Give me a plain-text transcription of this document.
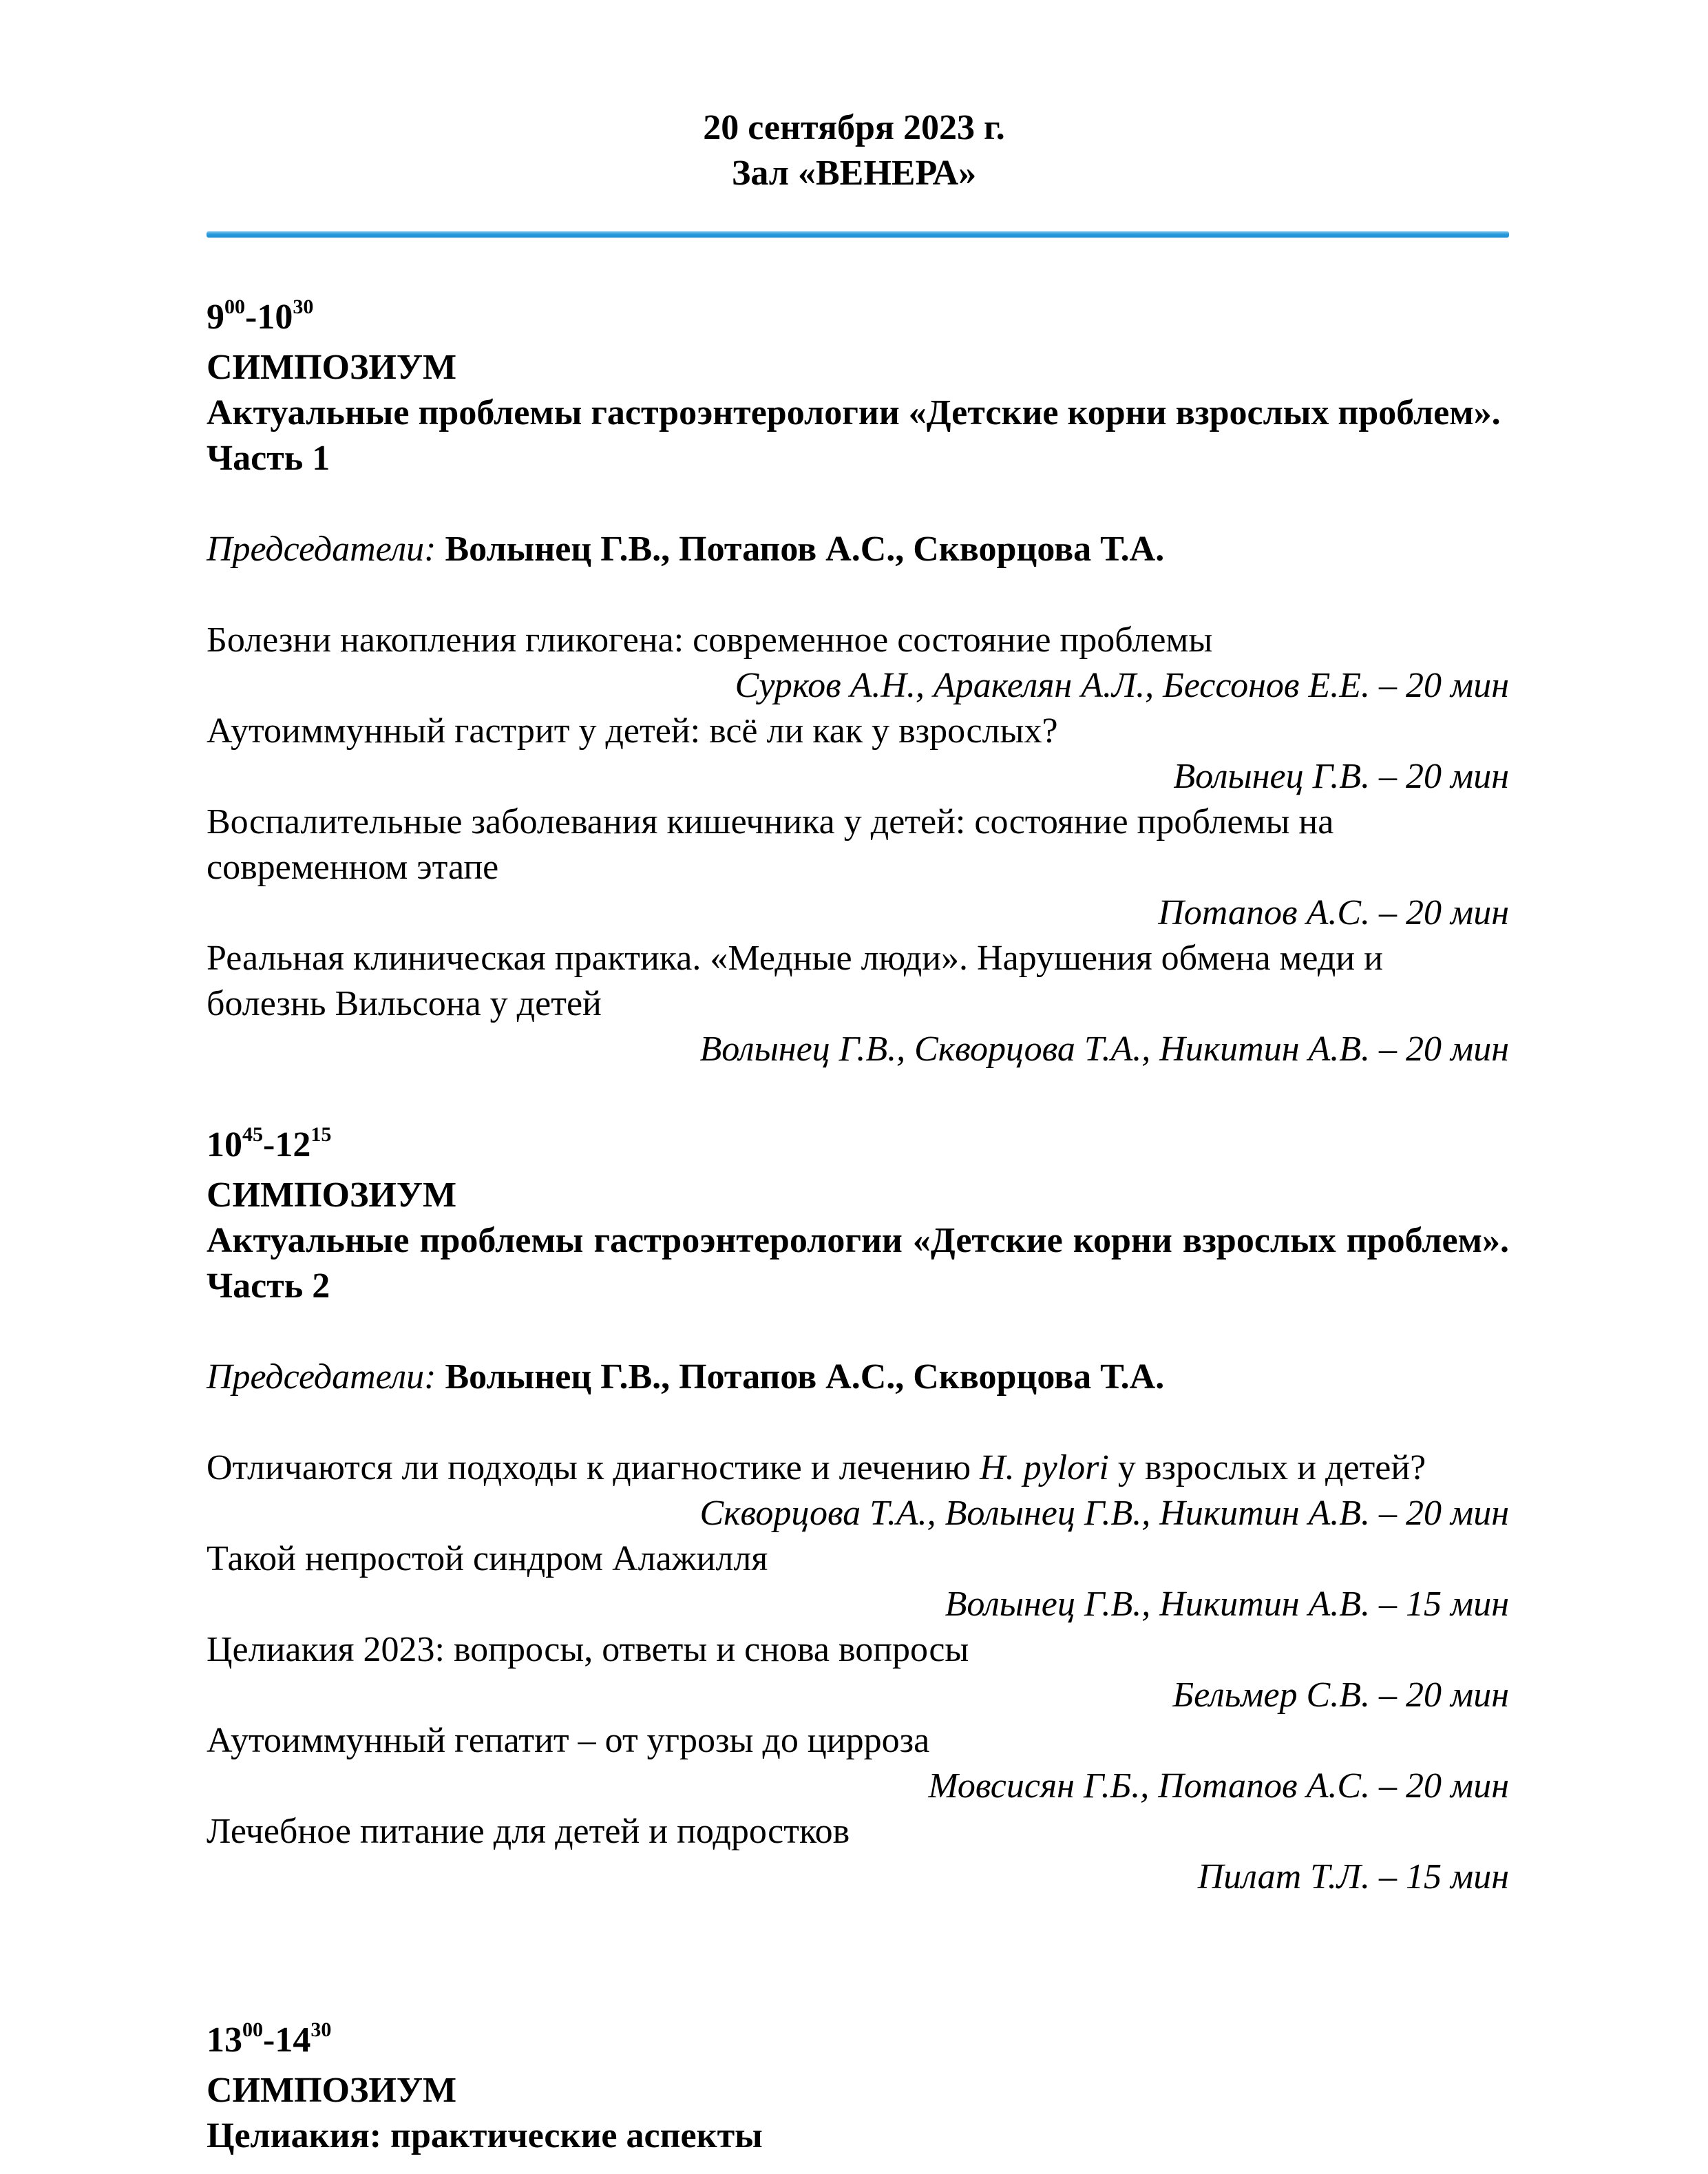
20 сентября 2023 г.
Зал «ВЕНЕРА»
$9^{00}-10^{30}$
СИМПОЗИУМ
Актуальные проблемы гастроэнтерологии «Детские корни взрослых проблем». Часть 1
Председатели: Волынец Г.В., Потапов А.С., Скворцова Т.А.
Болезни накопления гликогена: современное состояние проблемы
Сурков А.Н., Аракелян А.Л., Бессонов Е.Е. – 20 мин
Аутоиммунный гастрит у детей: всё ли как у взрослых?
Волынец Г.В. – 20 мин
Воспалительные заболевания кишечника у детей: состояние проблемы на современном этапе
Потапов А.С. – 20 мин
Реальная клиническая практика. «Медные люди». Нарушения обмена меди и болезнь Вильсона у детей
Волынец Г.В., Скворцова Т.А., Никитин А.В. – 20 мин
$10^{45}-12^{15}$
СИМПОЗИУМ
Актуальные проблемы гастроэнтерологии «Детские корни взрослых проблем». Часть 2
Председатели: Волынец Г.В., Потапов А.С., Скворцова Т.А.
Отличаются ли подходы к диагностике и лечению H. pylori у взрослых и детей?
Скворцова Т.А., Волынец Г.В., Никитин А.В. – 20 мин
Такой непростой синдром Алажилля
Волынец Г.В., Никитин А.В. – 15 мин
Целиакия 2023: вопросы, ответы и снова вопросы
Бельмер С.В. – 20 мин
Аутоиммунный гепатит – от угрозы до цирроза
Мовсисян Г.Б., Потапов А.С. – 20 мин
Лечебное питание для детей и подростков
Пилат Т.Л. – 15 мин
$13^{00}-14^{30}$
СИМПОЗИУМ
Целиакия: практические аспекты
